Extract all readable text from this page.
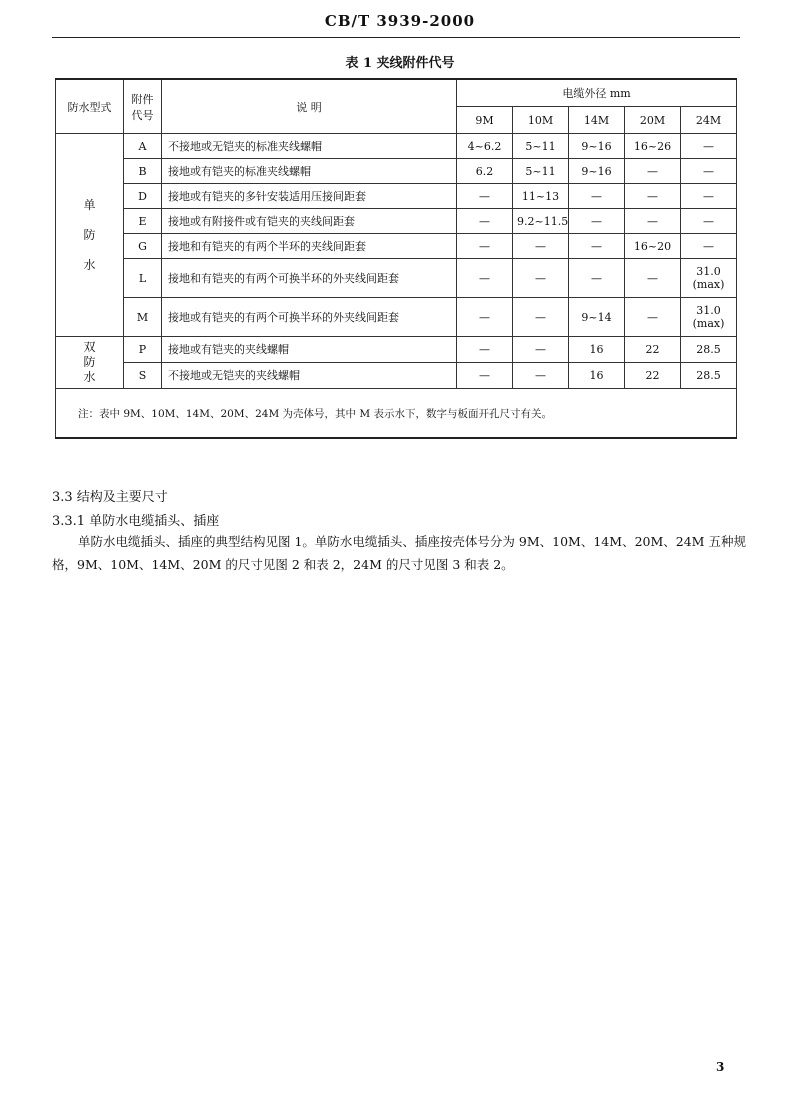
CB/T 3939-2000
表 1 夹线附件代号
防水型式	附件代号	说 明	电缆外径 mm				
			9M	10M	14M	20M	24M

单
防
水	A	不接地或无铠夹的标准夹线螺帽	4~6.2	5~11	9~16	16~26	—
	B	接地或有铠夹的标准夹线螺帽	6.2	5~11	9~16	—	—
	D	接地或有铠夹的多针安装适用压接间距套	—	11~13	—	—	—
	E	接地或有附接件或有铠夹的夹线间距套	—	9.2~11.5	—	—	—
	G	接地和有铠夹的有两个半环的夹线间距套	—	—	—	16~20	—
	L	接地和有铠夹的有两个可换半环的外夹线间距套	—	—	—	—	31.0 (max)
	M	接地或有铠夹的有两个可换半环的外夹线间距套	—	—	9~14	—	31.0 (max)

双
防
水	P	接地或有铠夹的夹线螺帽	—	—	16	22	28.5
	S	不接地或无铠夹的夹线螺帽	—	—	16	22	28.5
注：表中 9M、10M、14M、20M、24M 为壳体号，其中 M 表示水下，数字与板面开孔尺寸有关。							
3.3 结构及主要尺寸
3.3.1 单防水电缆插头、插座
单防水电缆插头、插座的典型结构见图 1。单防水电缆插头、插座按壳体号分为 9M、10M、14M、20M、24M 五种规格，9M、10M、14M、20M 的尺寸见图 2 和表 2，24M 的尺寸见图 3 和表 2。
3
